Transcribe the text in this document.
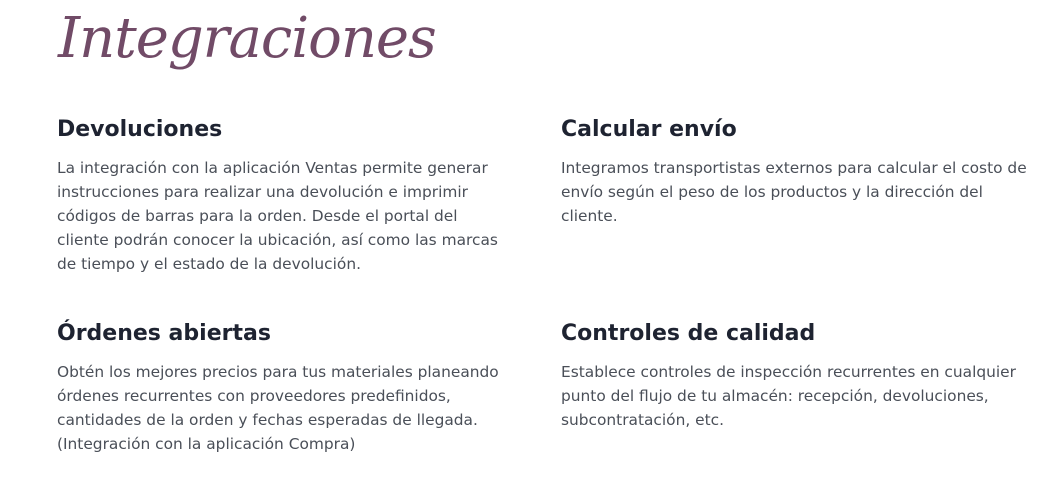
Integraciones
Devoluciones

La integración con la aplicación Ventas permite generar instrucciones para realizar una devolución e imprimir códigos de barras para la orden. Desde el portal del cliente podrán conocer la ubicación, así como las marcas de tiempo y el estado de la devolución.

Calcular envío

Integramos transportistas externos para calcular el costo de envío según el peso de los productos y la dirección del cliente.

Órdenes abiertas

Obtén los mejores precios para tus materiales planeando órdenes recurrentes con proveedores predefinidos, cantidades de la orden y fechas esperadas de llegada. (Integración con la aplicación Compra)

Controles de calidad

Establece controles de inspección recurrentes en cualquier punto del flujo de tu almacén: recepción, devoluciones, subcontratación, etc.
